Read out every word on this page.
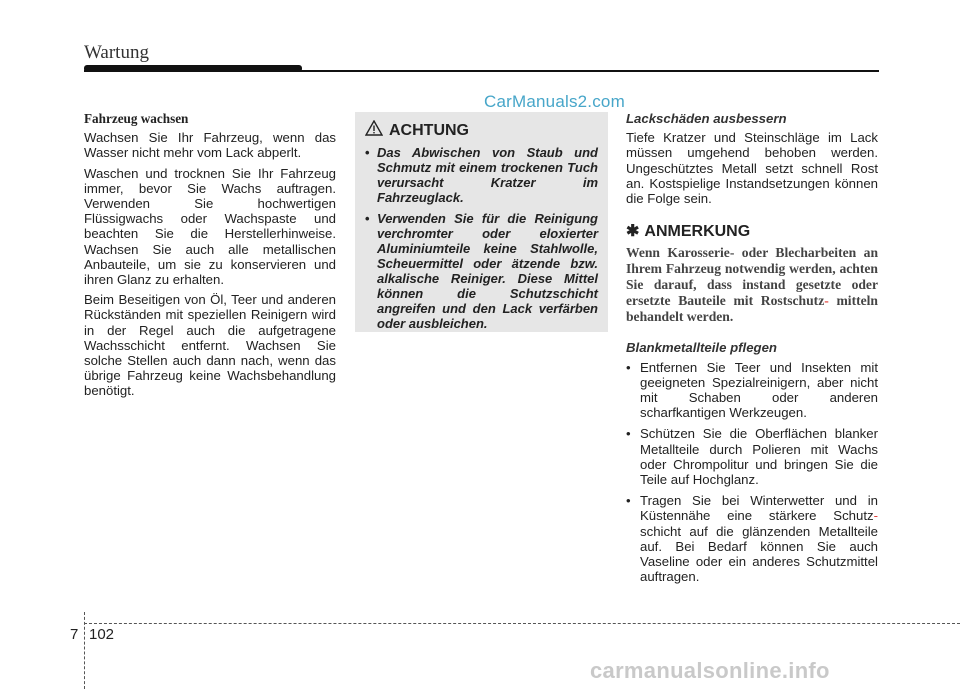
Wartung
CarManuals2.com
Fahrzeug wachsen

Wachsen Sie Ihr Fahrzeug, wenn das Wasser nicht mehr vom Lack abperlt.

Waschen und trocknen Sie Ihr Fahrzeug immer, bevor Sie Wachs auftragen. Verwenden Sie hochwertigen Flüssigwachs oder Wachspaste und beachten Sie die Herstellerhinweise. Wachsen Sie auch alle metallischen Anbauteile, um sie zu konservieren und ihren Glanz zu erhalten.

Beim Beseitigen von Öl, Teer und anderen Rückständen mit speziellen Reinigern wird in der Regel auch die aufgetragene Wachsschicht entfernt. Wachsen Sie solche Stellen auch dann nach, wenn das übrige Fahrzeug keine Wachsbehandlung benötigt.

ACHTUNG
• Das Abwischen von Staub und Schmutz mit einem trockenen Tuch verursacht Kratzer im Fahrzeuglack.
• Verwenden Sie für die Reinigung verchromter oder eloxierter Aluminiumteile keine Stahlwolle, Scheuermittel oder ätzende bzw. alkalische Reiniger. Diese Mittel können die Schutzschicht angreifen und den Lack verfärben oder ausbleichen.
Lackschäden ausbessern

Tiefe Kratzer und Steinschläge im Lack müssen umgehend behoben werden. Ungeschütztes Metall setzt schnell Rost an. Kostspielige Instandsetzungen können die Folge sein.

✱ ANMERKUNG
Wenn Karosserie- oder Blecharbeiten an Ihrem Fahrzeug notwendig werden, achten Sie darauf, dass instand gesetzte oder ersetzte Bauteile mit Rostschutz- mitteln behandelt werden.
Blankmetallteile pflegen
• Entfernen Sie Teer und Insekten mit geeigneten Spezialreinigern, aber nicht mit Schaben oder anderen scharfkantigen Werkzeugen.
• Schützen Sie die Oberflächen blanker Metallteile durch Polieren mit Wachs oder Chrompolitur und bringen Sie die Teile auf Hochglanz.
• Tragen Sie bei Winterwetter und in Küstennähe eine stärkere Schutz- schicht auf die glänzenden Metallteile auf. Bei Bedarf können Sie auch Vaseline oder ein anderes Schutzmittel auftragen.
7 102
carmanualsonline.info
